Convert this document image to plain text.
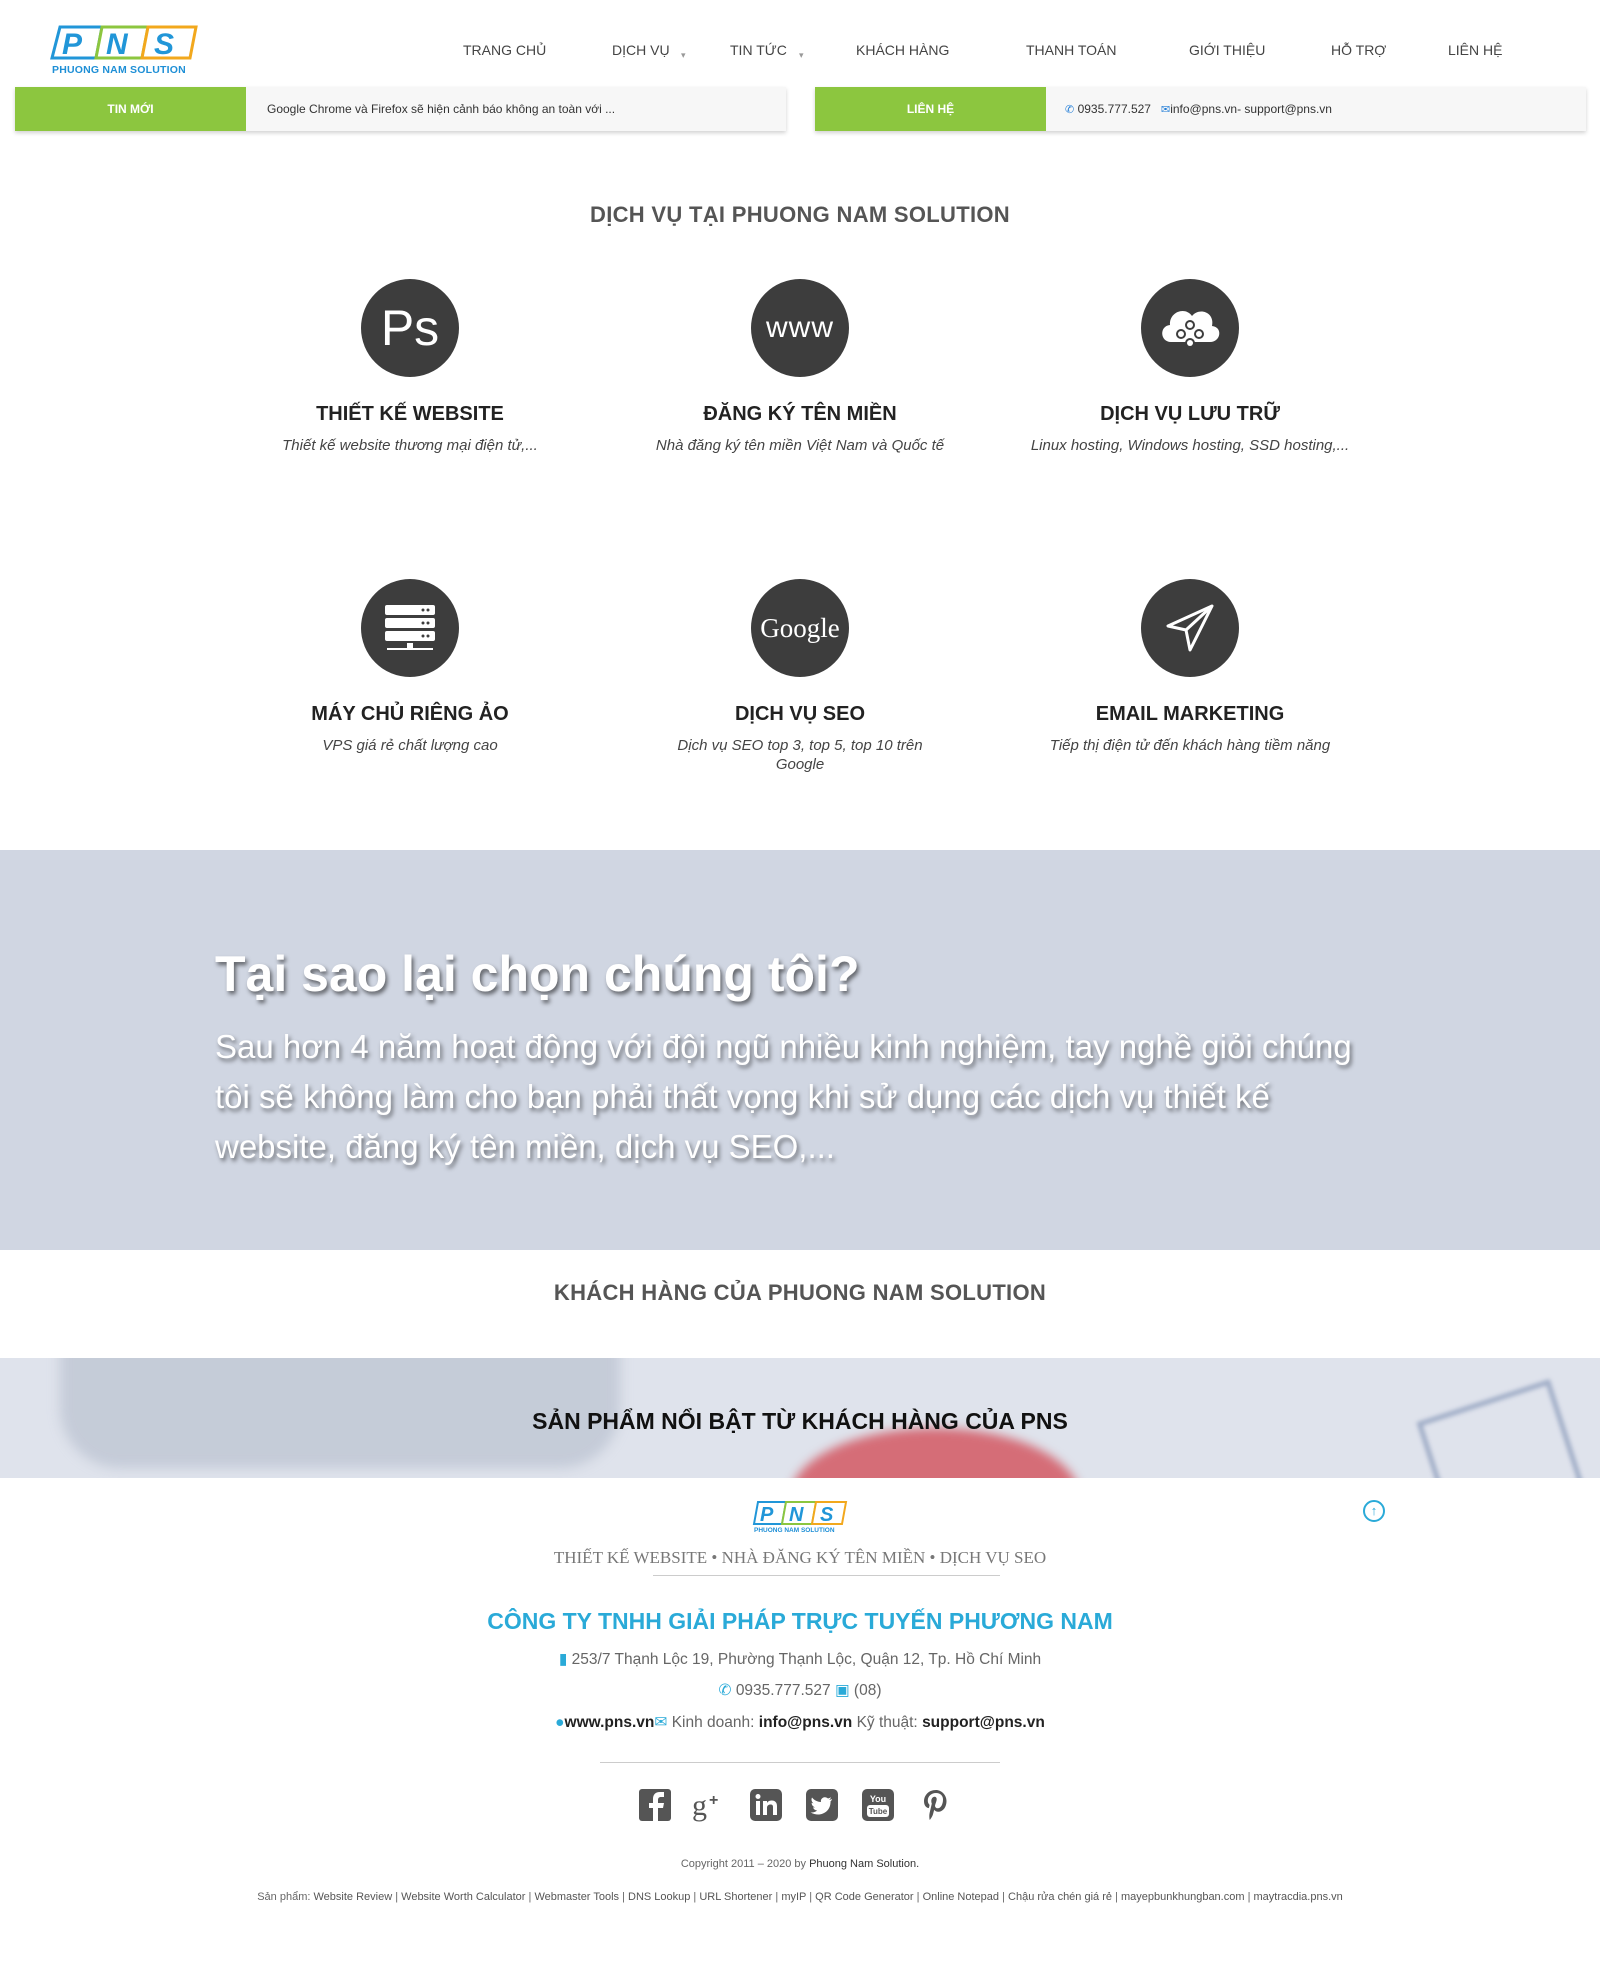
P N S
PHUONG NAM SOLUTION
TRANG CHỦ	DỊCH VỤ ▾	TIN TỨC ▾	KHÁCH HÀNG	THANH TOÁN	GIỚI THIỆU	HỖ TRỢ	LIÊN HỆ
TIN MỚI	Google Chrome và Firefox sẽ hiện cảnh báo không an toàn với ...	LIÊN HỆ	✆ 0935.777.527 ✉info@pns.vn- support@pns.vn
DỊCH VỤ TẠI PHUONG NAM SOLUTION
Ps
THIẾT KẾ WEBSITE
Thiết kế website thương mại điện tử,...
www
ĐĂNG KÝ TÊN MIỀN
Nhà đăng ký tên miền Việt Nam và Quốc tế
DỊCH VỤ LƯU TRỮ
Linux hosting, Windows hosting, SSD hosting,...
MÁY CHỦ RIÊNG ẢO
VPS giá rẻ chất lượng cao
Google
DỊCH VỤ SEO
Dịch vụ SEO top 3, top 5, top 10 trên Google
EMAIL MARKETING
Tiếp thị điện tử đến khách hàng tiềm năng
Tại sao lại chọn chúng tôi?
Sau hơn 4 năm hoạt động với đội ngũ nhiều kinh nghiệm, tay nghề giỏi chúng tôi sẽ không làm cho bạn phải thất vọng khi sử dụng các dịch vụ thiết kế website, đăng ký tên miền, dịch vụ SEO,...
KHÁCH HÀNG CỦA PHUONG NAM SOLUTION
SẢN PHẨM NỔI BẬT TỪ KHÁCH HÀNG CỦA PNS
P N S
PHUONG NAM SOLUTION
↑
THIẾT KẾ WEBSITE • NHÀ ĐĂNG KÝ TÊN MIỀN • DỊCH VỤ SEO
CÔNG TY TNHH GIẢI PHÁP TRỰC TUYẾN PHƯƠNG NAM
▮ 253/7 Thạnh Lộc 19, Phường Thạnh Lộc, Quận 12, Tp. Hồ Chí Minh
✆ 0935.777.527 ▣ (08)
●www.pns.vn✉ Kinh doanh: info@pns.vn Kỹ thuật: support@pns.vn
g +	You
Tube
Copyright 2011 – 2020 by Phuong Nam Solution.
Sản phẩm: Website Review | Website Worth Calculator | Webmaster Tools | DNS Lookup | URL Shortener | myIP | QR Code Generator | Online Notepad | Chậu rửa chén giá rẻ | mayepbunkhungban.com | maytracdia.pns.vn
